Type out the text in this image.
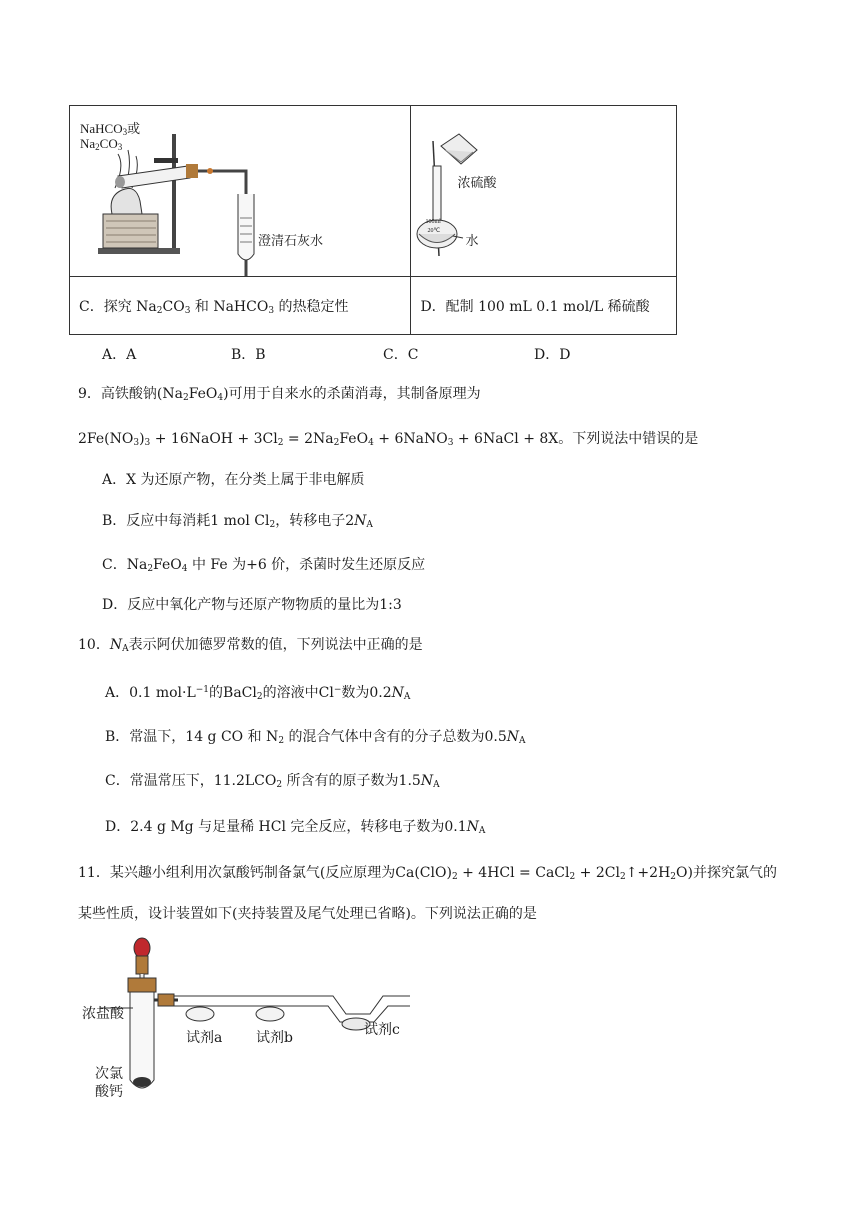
NaHCO$_3$或
$Na_2CO_3$
澄清石灰水	100ml
20℃
浓硫酸
水

C．探究 $Na_2CO_3$ 和 NaHCO$_3$ 的热稳定性	D．配制 100 mL 0.1 mol/L 稀硫酸
A．A	B．B	C．C	D．D
9．高铁酸钠$(Na_2FeO_4)$可用于自来水的杀菌消毒，其制备原理为
$2Fe(NO_3)_3$ + 16NaOH + $3Cl_2 = 2Na_2FeO_4$ + 6NaNO$_3$ + 6NaCl + 8X。下列说法中错误的是
A．X 为还原产物，在分类上属于非电解质
B．反应中每消耗1 mol $Cl_2$，转移电子$2N_A$
C．$Na_2FeO_4$ 中 Fe 为+6 价，杀菌时发生还原反应
D．反应中氧化产物与还原产物物质的量比为1:3
10．$N_A$表示阿伏加德罗常数的值，下列说法中正确的是
A．0.1 $mol\cdot L^{-1}$的BaCl$_2$的溶液中Cl−数为$0.2N_A$
B．常温下，14 g CO 和 $N_2$ 的混合气体中含有的分子总数为$0.5N_A$
C．常温常压下，$11.2LCO_2$ 所含有的原子数为$1.5N_A$
D．2.4 g Mg 与足量稀 HCl 完全反应，转移电子数为$0.1N_A$
11．某兴趣小组利用次氯酸钙制备氯气(反应原理为$Ca(ClO)_2 + 4HCl$ = CaCl$_2$ + $2Cl_2↑+2H_2O$)并探究氯气的
某些性质，设计装置如下(夹持装置及尾气处理已省略)。下列说法正确的是
浓盐酸
试剂a 试剂b	试剂c
次氯
酸钙
